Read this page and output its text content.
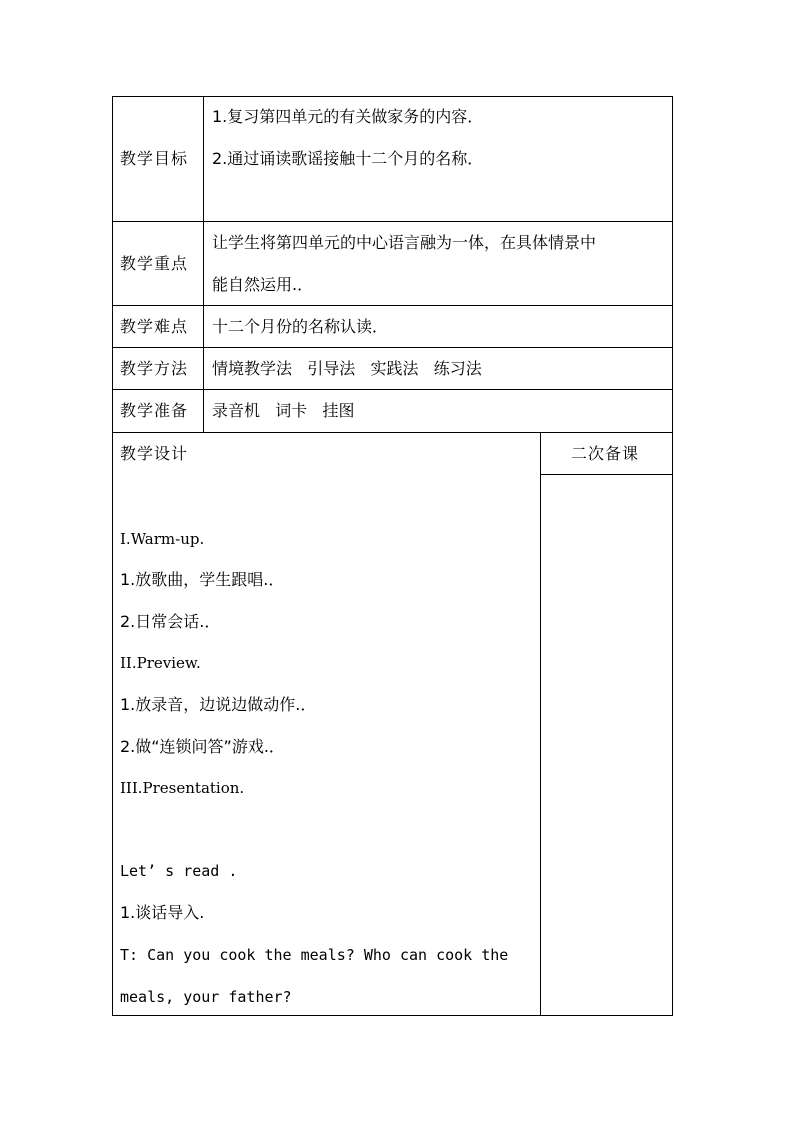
教学目标
1.复习第四单元的有关做家务的内容．
2.通过诵读歌谣接触十二个月的名称．
教学重点
让学生将第四单元的中心语言融为一体，在具体情景中
能自然运用.．
教学难点 十二个月份的名称认读．
教学方法 情境教学法   引导法   实践法   练习法
教学准备 录音机   词卡   挂图
教学设计	二次备课
I.Warm-up.
1.放歌曲，学生跟唱.．
2.日常会话.．
II.Preview.
1.放录音，边说边做动作.．
2.做“连锁问答”游戏.．
III.Presentation.
Let’ s read .
1.谈话导入.
T: Can you cook the meals? Who can cook the
meals, your father?
